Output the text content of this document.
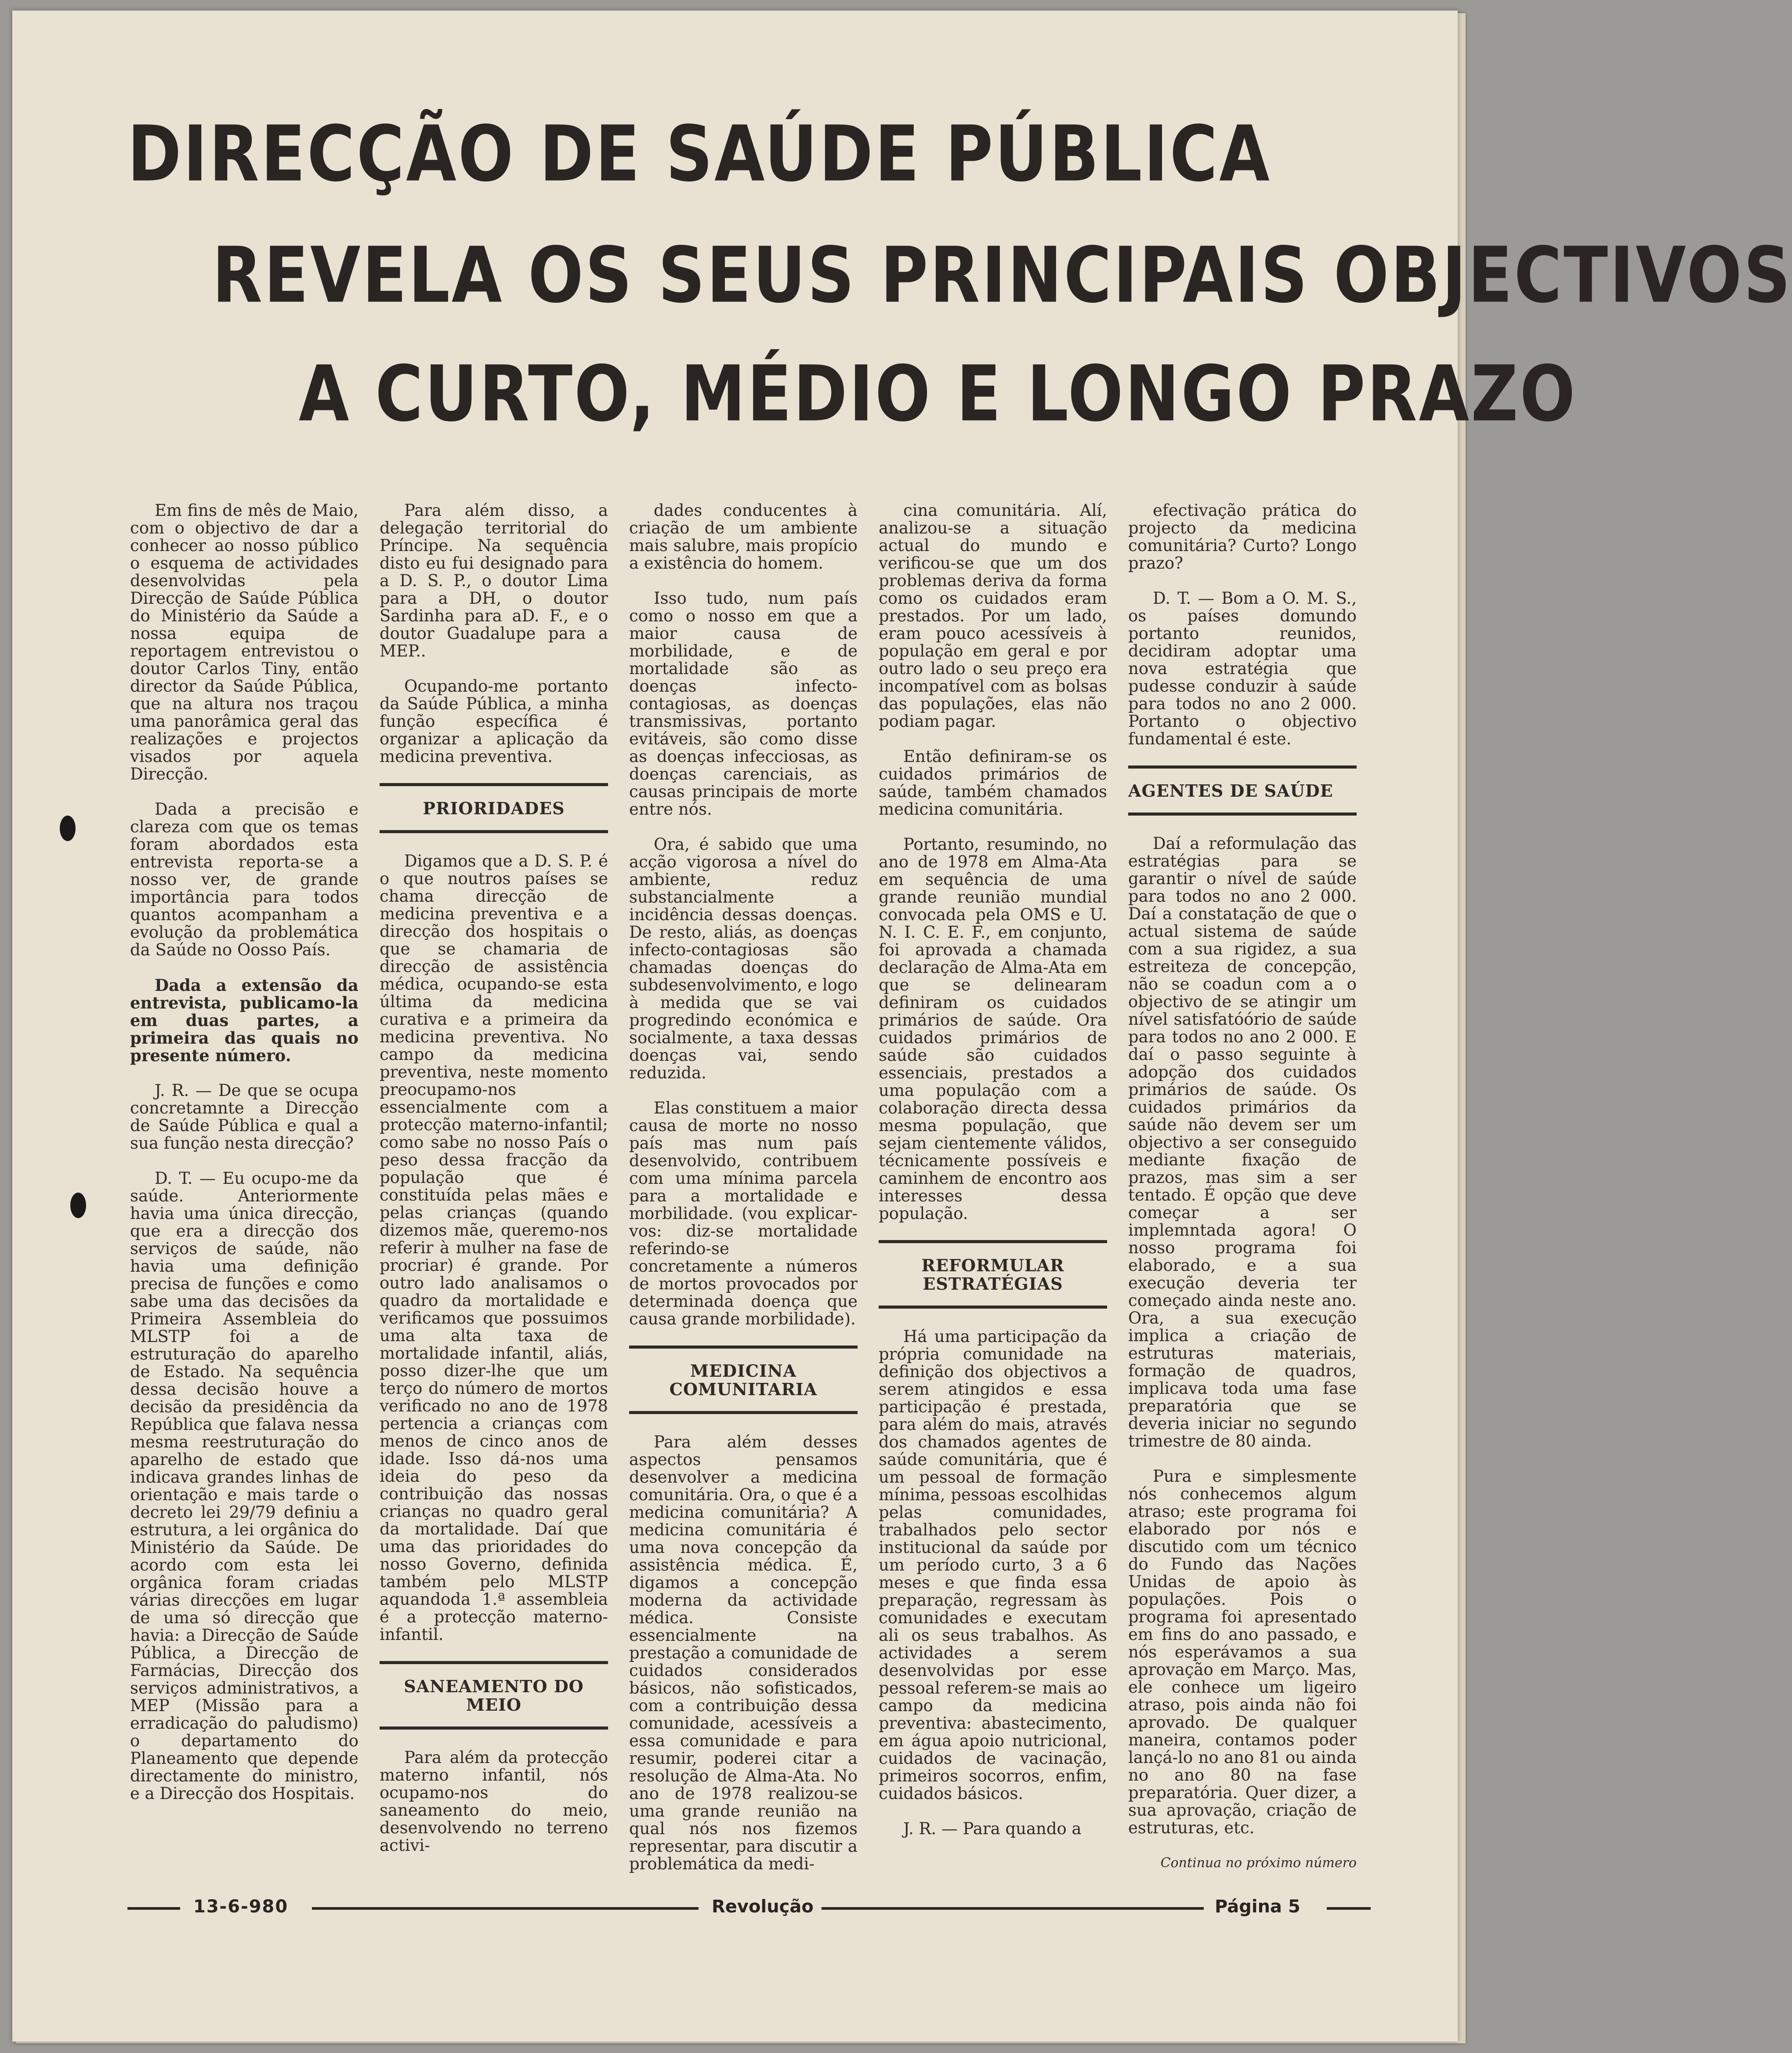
DIRECÇÃO DE SAÚDE PÚBLICA
REVELA OS SEUS PRINCIPAIS OBJECTIVOS
A CURTO, MÉDIO E LONGO PRAZO

Em fins de mês de Maio, com o objectivo de dar a conhecer ao nosso público o esquema de actividades desenvolvidas pela Direcção de Saúde Pública do Ministério da Saúde a nossa equipa de reportagem entrevistou o doutor Carlos Tiny, então director da Saúde Pública, que na altura nos traçou uma panorâmica geral das realizações e projectos visados por aquela Direcção.

Dada a precisão e clareza com que os temas foram abordados esta entrevista reporta-se a nosso ver, de grande importância para todos quantos acompanham a evolução da problemática da Saúde no Oosso País.

Dada a extensão da entrevista, publicamo-la em duas partes, a primeira das quais no presente número.

J. R. — De que se ocupa concretamnte a Direcção de Saúde Pública e qual a sua função nesta direcção?

D. T. — Eu ocupo-me da saúde. Anteriormente havia uma única direcção, que era a direcção dos serviços de saúde, não havia uma definição precisa de funções e como sabe uma das decisões da Primeira Assembleia do MLSTP foi a de estruturação do aparelho de Estado. Na sequência dessa decisão houve a decisão da presidência da República que falava nessa mesma reestruturação do aparelho de estado que indicava grandes linhas de orientação e mais tarde o decreto lei 29/79 definiu a estrutura, a lei orgânica do Ministério da Saúde. De acordo com esta lei orgânica foram criadas várias direcções em lugar de uma só direcção que havia: a Direcção de Saúde Pública, a Direcção de Farmácias, Direcção dos serviços administrativos, a MEP (Missão para a erradicação do paludismo) o departamento do Planeamento que depende directamente do ministro, e a Direcção dos Hospitais.

Para além disso, a delegação territorial do Príncipe. Na sequência disto eu fui designado para a D. S. P., o doutor Lima para a DH, o doutor Sardinha para aD. F., e o doutor Guadalupe para a MEP..

Ocupando-me portanto da Saúde Pública, a minha função específica é organizar a aplicação da medicina preventiva.

PRIORIDADES

Digamos que a D. S. P. é o que noutros países se chama direcção de medicina preventiva e a direcção dos hospitais o que se chamaria de direcção de assistência médica, ocupando-se esta última da medicina curativa e a primeira da medicina preventiva. No campo da medicina preventiva, neste momento preocupamo-nos essencialmente com a protecção materno-infantil; como sabe no nosso País o peso dessa fracção da população que é constituída pelas mães e pelas crianças (quando dizemos mãe, queremo-nos referir à mulher na fase de procriar) é grande. Por outro lado analisamos o quadro da mortalidade e verificamos que possuimos uma alta taxa de mortalidade infantil, aliás, posso dizer-lhe que um terço do número de mortos verificado no ano de 1978 pertencia a crianças com menos de cinco anos de idade. Isso dá-nos uma ideia do peso da contribuição das nossas crianças no quadro geral da mortalidade. Daí que uma das prioridades do nosso Governo, definida também pelo MLSTP aquandoda 1.ª assembleia é a protecção materno-infantil.

SANEAMENTO DO MEIO

Para além da protecção materno infantil, nós ocupamo-nos do saneamento do meio, desenvolvendo no terreno activi-

dades conducentes à criação de um ambiente mais salubre, mais propício a existência do homem.

Isso tudo, num país como o nosso em que a maior causa de morbilidade, e de mortalidade são as doenças infecto-contagiosas, as doenças transmissivas, portanto evitáveis, são como disse as doenças infecciosas, as doenças carenciais, as causas principais de morte entre nós.

Ora, é sabido que uma acção vigorosa a nível do ambiente, reduz substancialmente a incidência dessas doenças. De resto, aliás, as doenças infecto-contagiosas são chamadas doenças do subdesenvolvimento, e logo à medida que se vai progredindo económica e socialmente, a taxa dessas doenças vai, sendo reduzida.

Elas constituem a maior causa de morte no nosso país mas num país desenvolvido, contribuem com uma mínima parcela para a mortalidade e morbilidade. (vou explicar-vos: diz-se mortalidade referindo-se concretamente a números de mortos provocados por determinada doença que causa grande morbilidade).

MEDICINA COMUNITARIA

Para além desses aspectos pensamos desenvolver a medicina comunitária. Ora, o que é a medicina comunitária? A medicina comunitária é uma nova concepção da assistência médica. É, digamos a concepção moderna da actividade médica. Consiste essencialmente na prestação a comunidade de cuidados considerados básicos, não sofisticados, com a contribuição dessa comunidade, acessíveis a essa comunidade e para resumir, poderei citar a resolução de Alma-Ata. No ano de 1978 realizou-se uma grande reunião na qual nós nos fizemos representar, para discutir a problemática da medi-

cina comunitária. Alí, analizou-se a situação actual do mundo e verificou-se que um dos problemas deriva da forma como os cuidados eram prestados. Por um lado, eram pouco acessíveis à população em geral e por outro lado o seu preço era incompatível com as bolsas das populações, elas não podiam pagar.

Então definiram-se os cuidados primários de saúde, também chamados medicina comunitária.

Portanto, resumindo, no ano de 1978 em Alma-Ata em sequência de uma grande reunião mundial convocada pela OMS e U. N. I. C. E. F., em conjunto, foi aprovada a chamada declaração de Alma-Ata em que se delinearam definiram os cuidados primários de saúde. Ora cuidados primários de saúde são cuidados essenciais, prestados a uma população com a colaboração directa dessa mesma população, que sejam cientemente válidos, técnicamente possíveis e caminhem de encontro aos interesses dessa população.

REFORMULAR ESTRATÉGIAS

Há uma participação da própria comunidade na definição dos objectivos a serem atingidos e essa participação é prestada, para além do mais, através dos chamados agentes de saúde comunitária, que é um pessoal de formação mínima, pessoas escolhidas pelas comunidades, trabalhados pelo sector institucional da saúde por um período curto, 3 a 6 meses e que finda essa preparação, regressam às comunidades e executam ali os seus trabalhos. As actividades a serem desenvolvidas por esse pessoal referem-se mais ao campo da medicina preventiva: abastecimento, em água apoio nutricional, cuidados de vacinação, primeiros socorros, enfim, cuidados básicos.

J. R. — Para quando a

efectivação prática do projecto da medicina comunitária? Curto? Longo prazo?

D. T. — Bom a O. M. S., os países domundo portanto reunidos, decidiram adoptar uma nova estratégia que pudesse conduzir à saúde para todos no ano 2 000. Portanto o objectivo fundamental é este.

AGENTES DE SAÚDE

Daí a reformulação das estratégias para se garantir o nível de saúde para todos no ano 2 000. Daí a constatação de que o actual sistema de saúde com a sua rigidez, a sua estreiteza de concepção, não se coadun com a o objectivo de se atingir um nível satisfatóório de saúde para todos no ano 2 000. E daí o passo seguinte à adopção dos cuidados primários de saúde. Os cuidados primários da saúde não devem ser um objectivo a ser conseguido mediante fixação de prazos, mas sim a ser tentado. É opção que deve começar a ser implemntada agora! O nosso programa foi elaborado, e a sua execução deveria ter começado ainda neste ano. Ora, a sua execução implica a criação de estruturas materiais, formação de quadros, implicava toda uma fase preparatória que se deveria iniciar no segundo trimestre de 80 ainda.

Pura e simplesmente nós conhecemos algum atraso; este programa foi elaborado por nós e discutido com um técnico do Fundo das Nações Unidas de apoio às populações. Pois o programa foi apresentado em fins do ano passado, e nós esperávamos a sua aprovação em Março. Mas, ele conhece um ligeiro atraso, pois ainda não foi aprovado. De qualquer maneira, contamos poder lançá-lo no ano 81 ou ainda no ano 80 na fase preparatória. Quer dizer, a sua aprovação, criação de estruturas, etc.

Continua no próximo número
13-6-980	Revolução	Página 5
